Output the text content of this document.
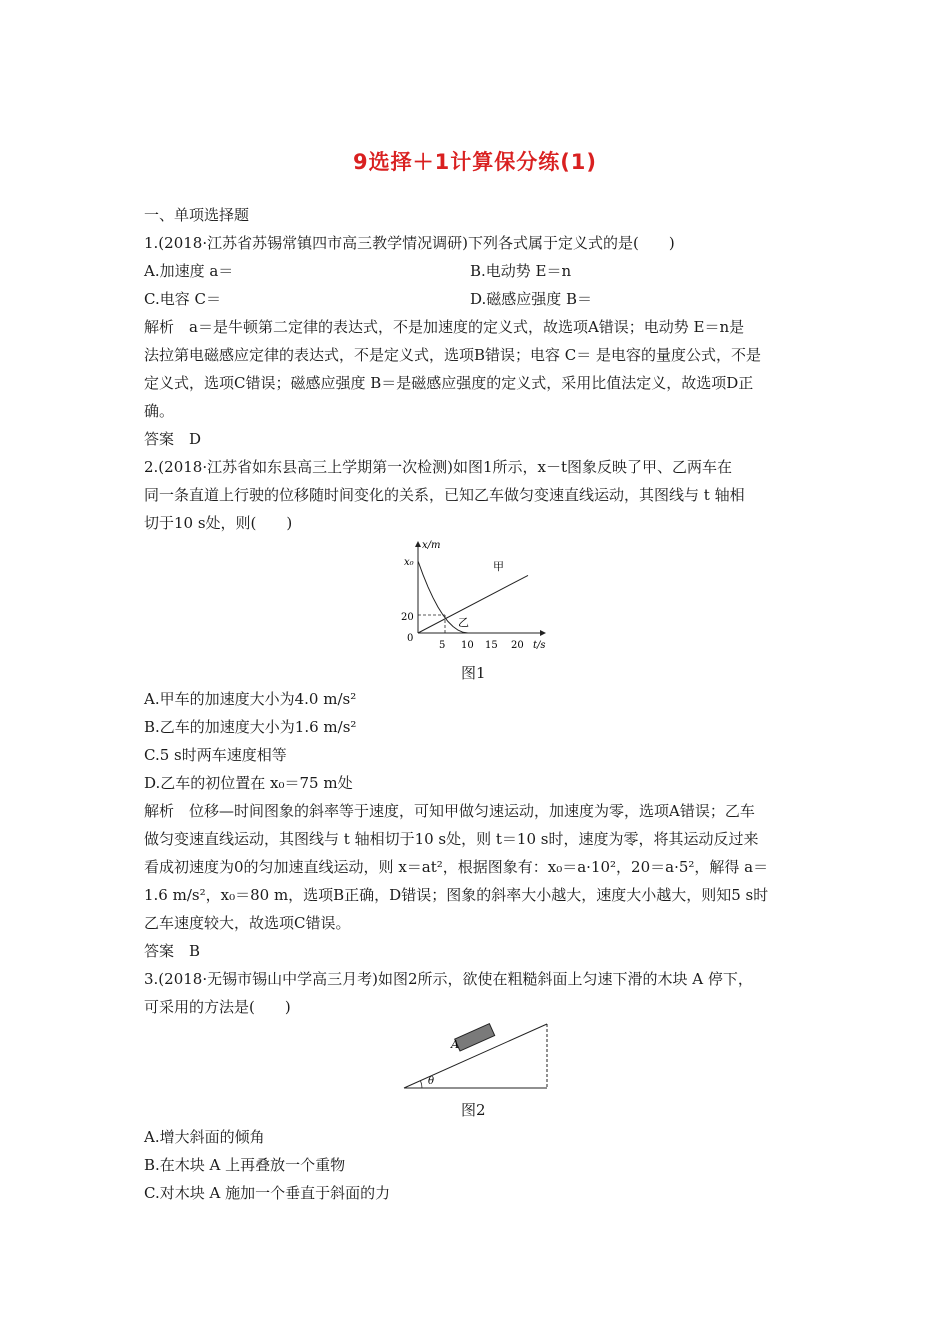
9选择＋1计算保分练(1)
一、单项选择题
1.(2018·江苏省苏锡常镇四市高三教学情况调研)下列各式属于定义式的是(　　)
A.加速度 a＝	B.电动势 E＝n
C.电容 C＝	D.磁感应强度 B＝
解析　a＝是牛顿第二定律的表达式，不是加速度的定义式，故选项A错误；电动势 E＝n是
法拉第电磁感应定律的表达式，不是定义式，选项B错误；电容 C＝ 是电容的量度公式，不是
定义式，选项C错误；磁感应强度 B＝是磁感应强度的定义式，采用比值法定义，故选项D正
确。
答案　D
2.(2018·江苏省如东县高三上学期第一次检测)如图1所示，x－t图象反映了甲、乙两车在
同一条直道上行驶的位移随时间变化的关系，已知乙车做匀变速直线运动，其图线与 t 轴相
切于10 s处，则(　　)
x/m
t/s
x₀
20
0
5 10 15 20
甲
乙
图1
A.甲车的加速度大小为4.0 m/s²
B.乙车的加速度大小为1.6 m/s²
C.5 s时两车速度相等
D.乙车的初位置在 x₀＝75 m处
解析　位移—时间图象的斜率等于速度，可知甲做匀速运动，加速度为零，选项A错误；乙车
做匀变速直线运动，其图线与 t 轴相切于10 s处，则 t＝10 s时，速度为零，将其运动反过来
看成初速度为0的匀加速直线运动，则 x＝at²，根据图象有：x₀＝a·10²，20＝a·5²，解得 a＝
1.6 m/s²，x₀＝80 m，选项B正确，D错误；图象的斜率大小越大，速度大小越大，则知5 s时
乙车速度较大，故选项C错误。
答案　B
3.(2018·无锡市锡山中学高三月考)如图2所示，欲使在粗糙斜面上匀速下滑的木块 A 停下，
可采用的方法是(　　)
A
θ
图2
A.增大斜面的倾角
B.在木块 A 上再叠放一个重物
C.对木块 A 施加一个垂直于斜面的力
